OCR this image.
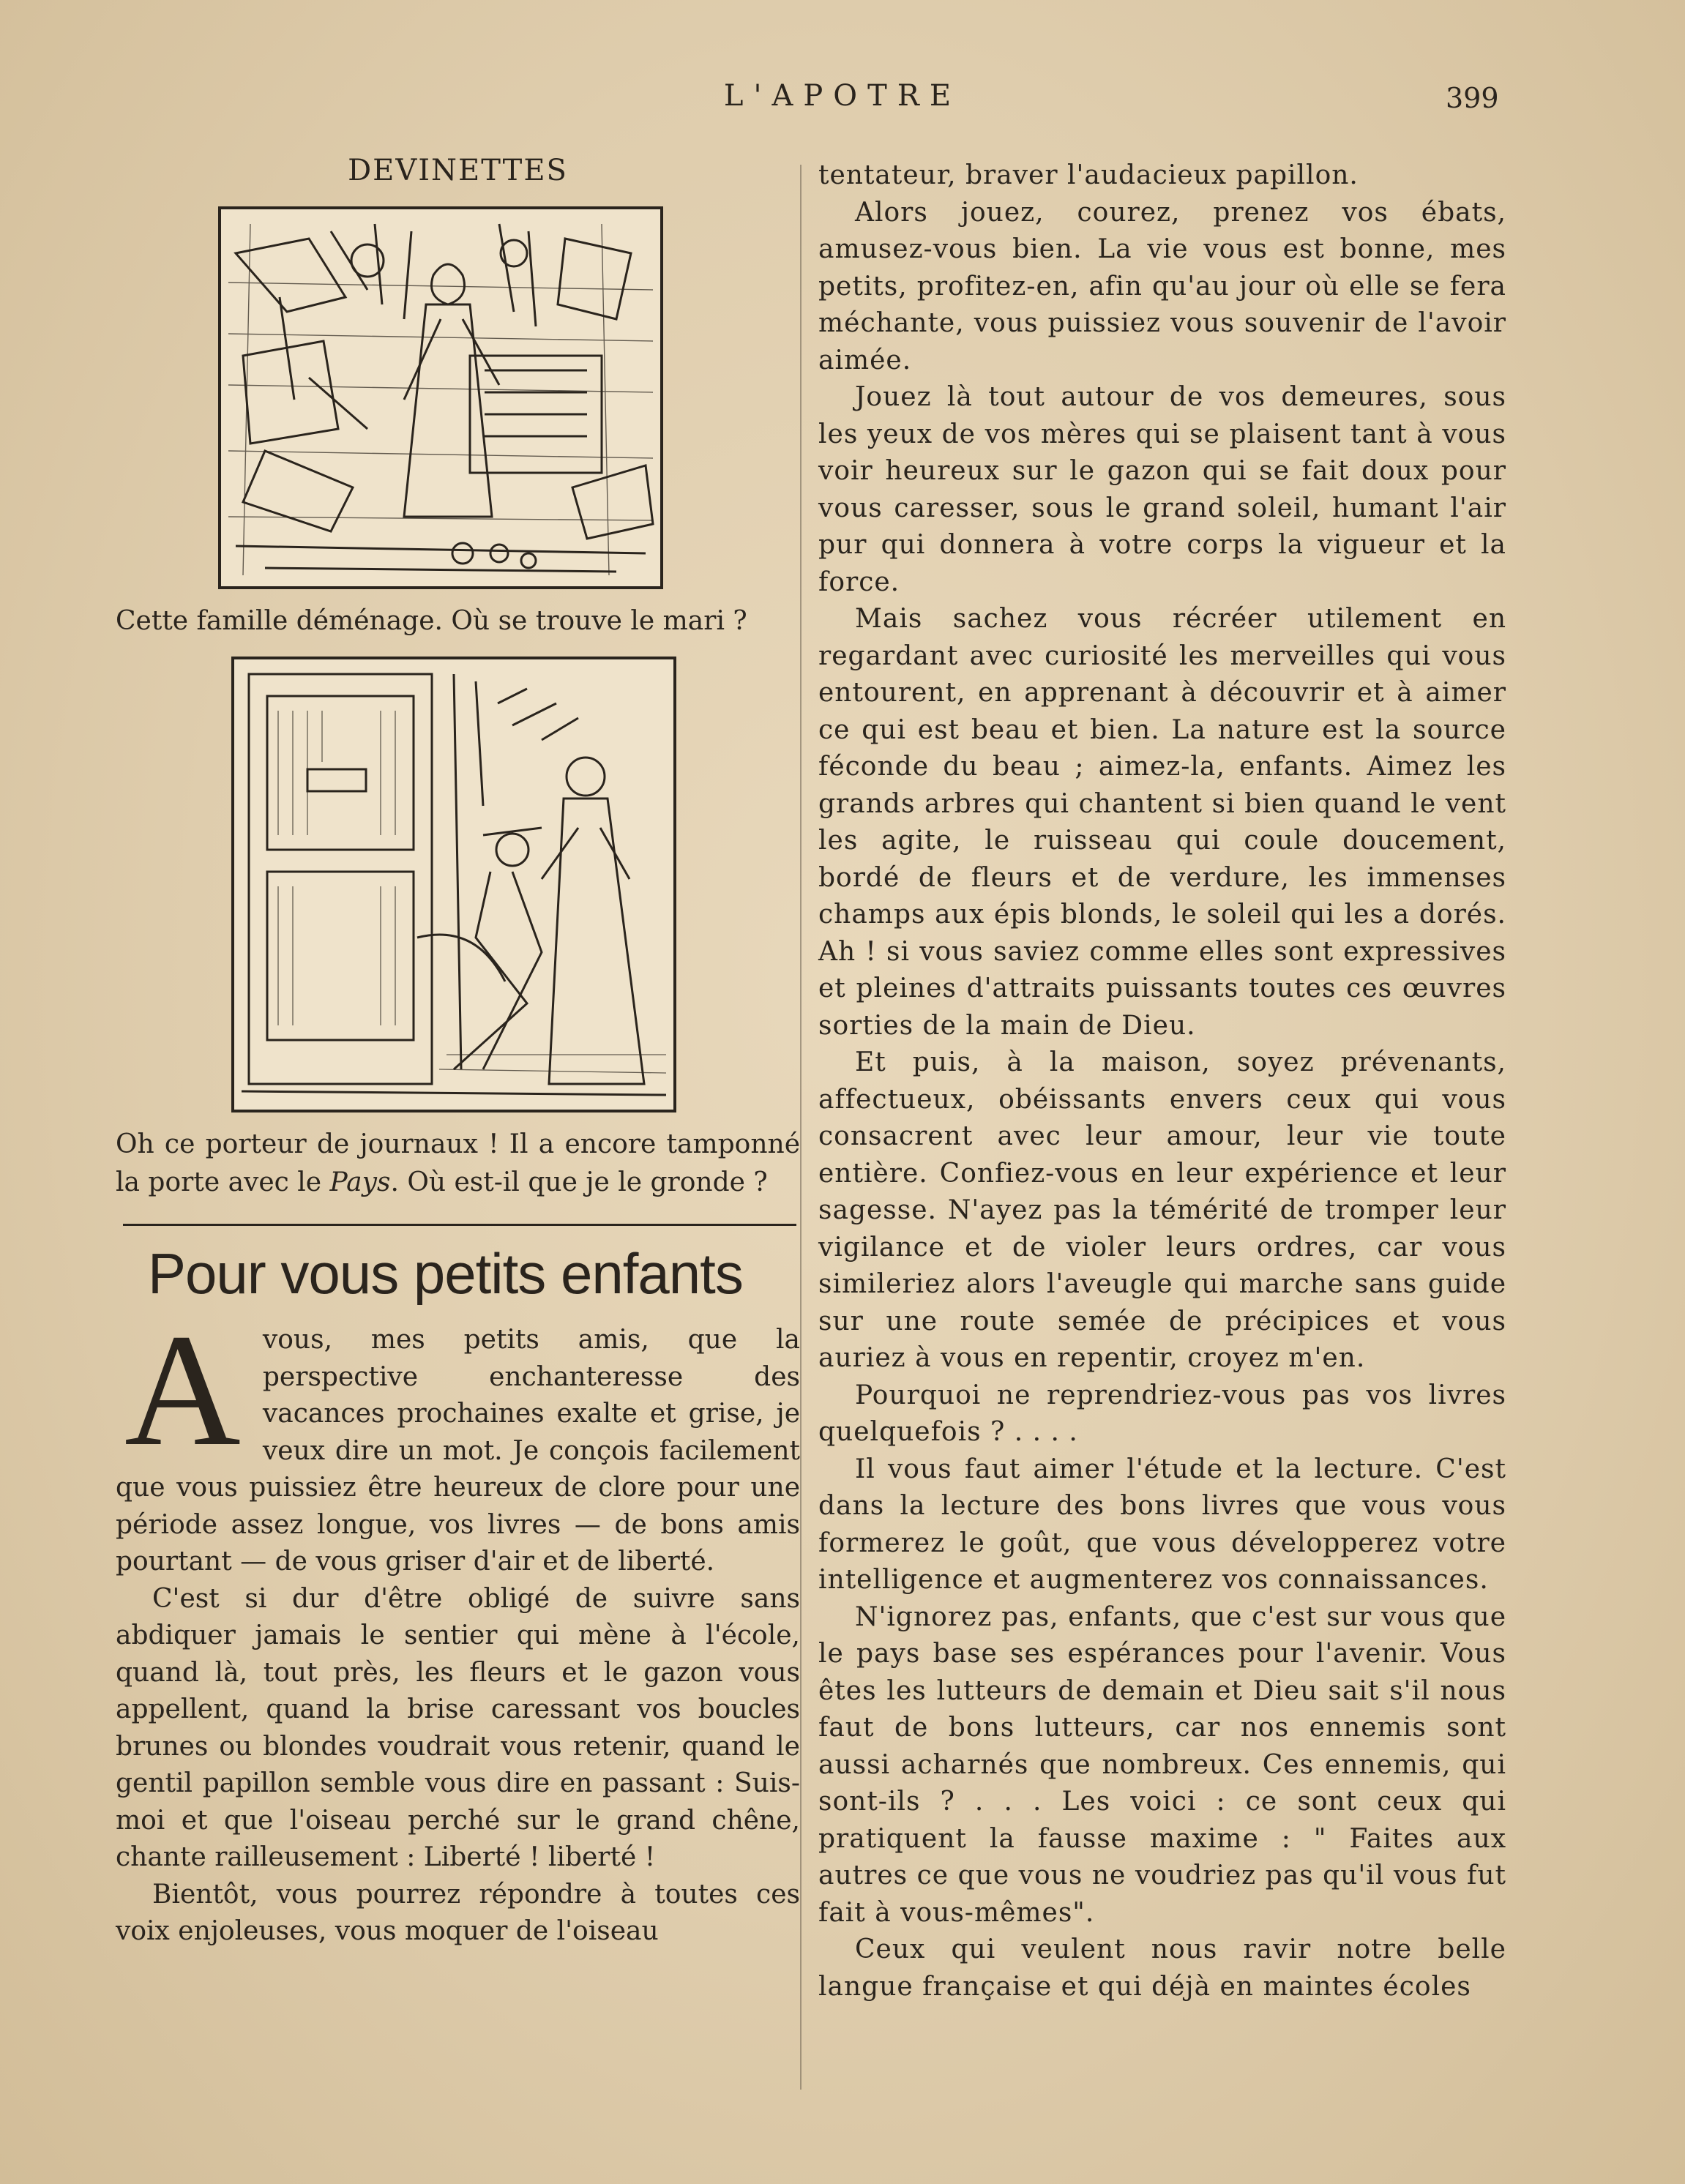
L'APOTRE	399
DEVINETTES

Cette famille déménage. Où se trouve le mari ?

Oh ce porteur de journaux ! Il a encore tamponné la porte avec le Pays. Où est-il que je le gronde ?

Pour vous petits enfants
A vous, mes petits amis, que la perspective enchanteresse des vacances prochaines exalte et grise, je veux dire un mot. Je conçois facilement que vous puissiez être heureux de clore pour une période assez longue, vos livres — de bons amis pourtant — de vous griser d'air et de liberté.

C'est si dur d'être obligé de suivre sans abdiquer jamais le sentier qui mène à l'école, quand là, tout près, les fleurs et le gazon vous appellent, quand la brise caressant vos boucles brunes ou blondes voudrait vous retenir, quand le gentil papillon semble vous dire en passant : Suis-moi et que l'oiseau perché sur le grand chêne, chante railleusement : Liberté ! liberté !

Bientôt, vous pourrez répondre à toutes ces voix enjoleuses, vous moquer de l'oiseau

tentateur, braver l'audacieux papillon.

Alors jouez, courez, prenez vos ébats, amusez-vous bien. La vie vous est bonne, mes petits, profitez-en, afin qu'au jour où elle se fera méchante, vous puissiez vous souvenir de l'avoir aimée.

Jouez là tout autour de vos demeures, sous les yeux de vos mères qui se plaisent tant à vous voir heureux sur le gazon qui se fait doux pour vous caresser, sous le grand soleil, humant l'air pur qui donnera à votre corps la vigueur et la force.

Mais sachez vous récréer utilement en regardant avec curiosité les merveilles qui vous entourent, en apprenant à découvrir et à aimer ce qui est beau et bien. La nature est la source féconde du beau ; aimez-la, enfants. Aimez les grands arbres qui chantent si bien quand le vent les agite, le ruisseau qui coule doucement, bordé de fleurs et de verdure, les immenses champs aux épis blonds, le soleil qui les a dorés. Ah ! si vous saviez comme elles sont expressives et pleines d'attraits puissants toutes ces œuvres sorties de la main de Dieu.

Et puis, à la maison, soyez prévenants, affectueux, obéissants envers ceux qui vous consacrent avec leur amour, leur vie toute entière. Confiez-vous en leur expérience et leur sagesse. N'ayez pas la témérité de tromper leur vigilance et de violer leurs ordres, car vous simileriez alors l'aveugle qui marche sans guide sur une route semée de précipices et vous auriez à vous en repentir, croyez m'en.

Pourquoi ne reprendriez-vous pas vos livres quelquefois ? . . . .

Il vous faut aimer l'étude et la lecture. C'est dans la lecture des bons livres que vous vous formerez le goût, que vous développerez votre intelligence et augmenterez vos connaissances.

N'ignorez pas, enfants, que c'est sur vous que le pays base ses espérances pour l'avenir. Vous êtes les lutteurs de demain et Dieu sait s'il nous faut de bons lutteurs, car nos ennemis sont aussi acharnés que nombreux. Ces ennemis, qui sont-ils ? . . . Les voici : ce sont ceux qui pratiquent la fausse maxime : " Faites aux autres ce que vous ne voudriez pas qu'il vous fut fait à vous-mêmes".

Ceux qui veulent nous ravir notre belle langue française et qui déjà en maintes écoles
